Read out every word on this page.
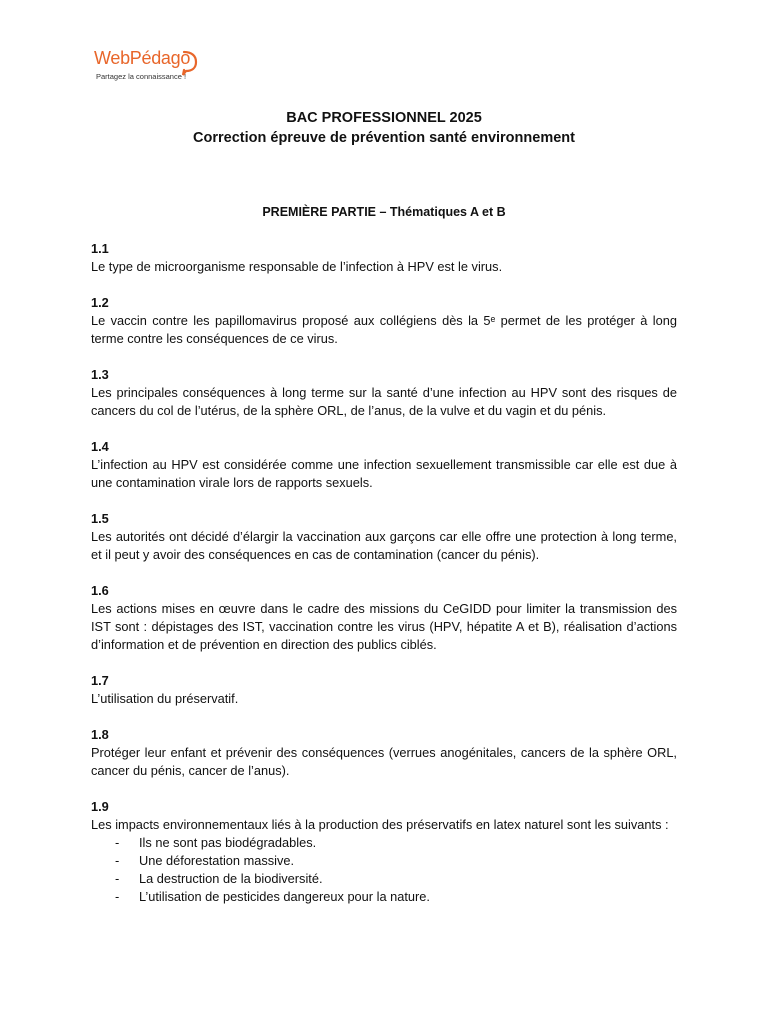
WebPédago
Partagez la connaissance !
BAC PROFESSIONNEL 2025
Correction épreuve de prévention santé environnement
PREMIÈRE PARTIE – Thématiques A et B
1.1
Le type de microorganisme responsable de l’infection à HPV est le virus.
1.2
Le vaccin contre les papillomavirus proposé aux collégiens dès la 5ᵉ permet de les protéger à long terme contre les conséquences de ce virus.
1.3
Les principales conséquences à long terme sur la santé d’une infection au HPV sont des risques de cancers du col de l’utérus, de la sphère ORL, de l’anus, de la vulve et du vagin et du pénis.
1.4
L’infection au HPV est considérée comme une infection sexuellement transmissible car elle est due à une contamination virale lors de rapports sexuels.
1.5
Les autorités ont décidé d’élargir la vaccination aux garçons car elle offre une protection à long terme, et il peut y avoir des conséquences en cas de contamination (cancer du pénis).
1.6
Les actions mises en œuvre dans le cadre des missions du CeGIDD pour limiter la transmission des IST sont : dépistages des IST, vaccination contre les virus (HPV, hépatite A et B), réalisation d’actions d’information et de prévention en direction des publics ciblés.
1.7
L’utilisation du préservatif.
1.8
Protéger leur enfant et prévenir des conséquences (verrues anogénitales, cancers de la sphère ORL, cancer du pénis, cancer de l’anus).
1.9
Les impacts environnementaux liés à la production des préservatifs en latex naturel sont les suivants :
- Ils ne sont pas biodégradables.
- Une déforestation massive.
- La destruction de la biodiversité.
- L’utilisation de pesticides dangereux pour la nature.
